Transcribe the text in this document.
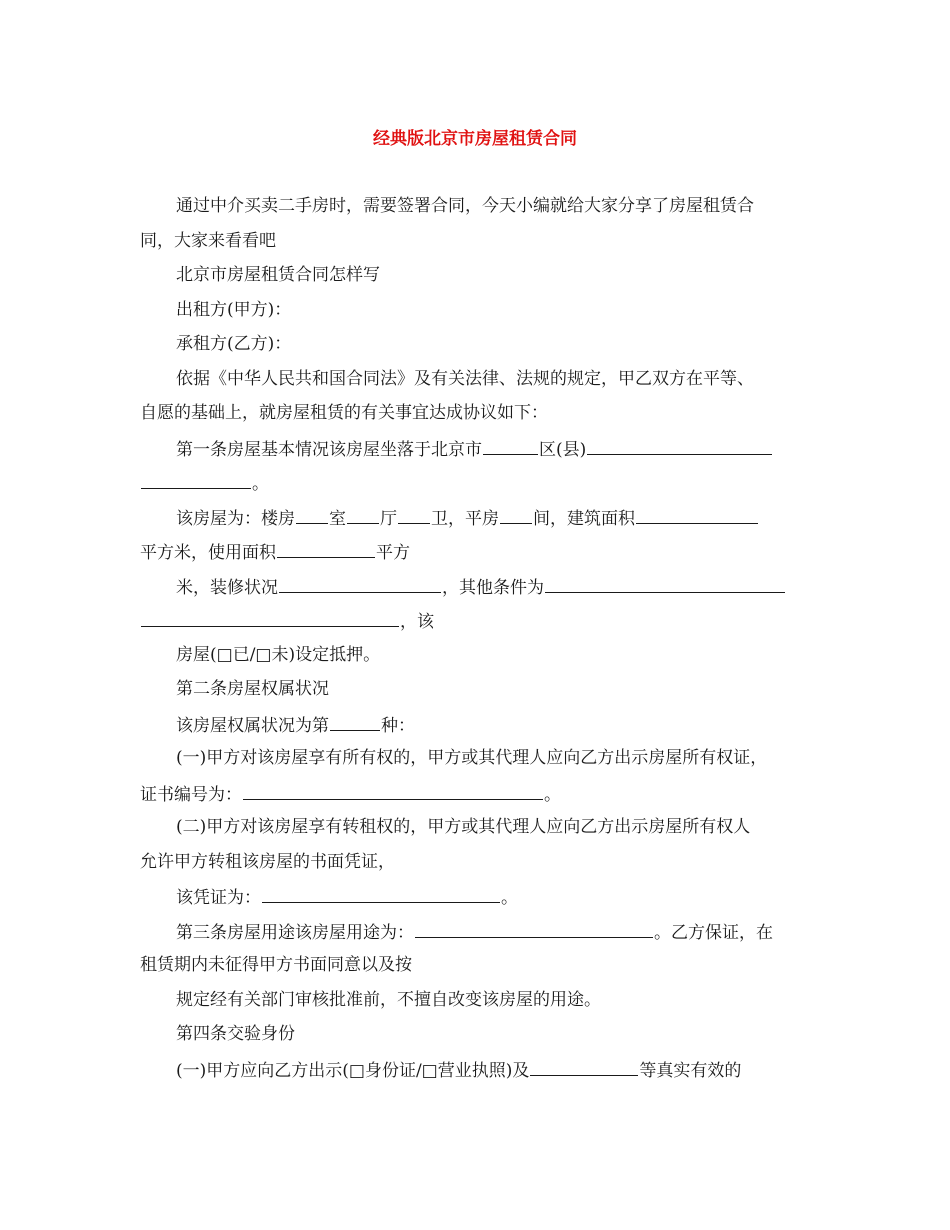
经典版北京市房屋租赁合同
通过中介买卖二手房时，需要签署合同，今天小编就给大家分享了房屋租赁合
同，大家来看看吧
北京市房屋租赁合同怎样写
出租方(甲方)：
承租方(乙方)：
依据《中华人民共和国合同法》及有关法律、法规的规定，甲乙双方在平等、
自愿的基础上，就房屋租赁的有关事宜达成协议如下：
第一条房屋基本情况该房屋坐落于北京市	区(县)
。
该房屋为：楼房 室 厅 卫，平房 间，建筑面积
平方米，使用面积	平方
米，装修状况	，其他条件为
，该
房屋(□已/□未)设定抵押。
第二条房屋权属状况
该房屋权属状况为第	种：
(一)甲方对该房屋享有所有权的，甲方或其代理人应向乙方出示房屋所有权证，
证书编号为：	。
(二)甲方对该房屋享有转租权的，甲方或其代理人应向乙方出示房屋所有权人
允许甲方转租该房屋的书面凭证，
该凭证为：	。
第三条房屋用途该房屋用途为：	。乙方保证，在
租赁期内未征得甲方书面同意以及按
规定经有关部门审核批准前，不擅自改变该房屋的用途。
第四条交验身份
(一)甲方应向乙方出示(□身份证/□营业执照)及	等真实有效的
